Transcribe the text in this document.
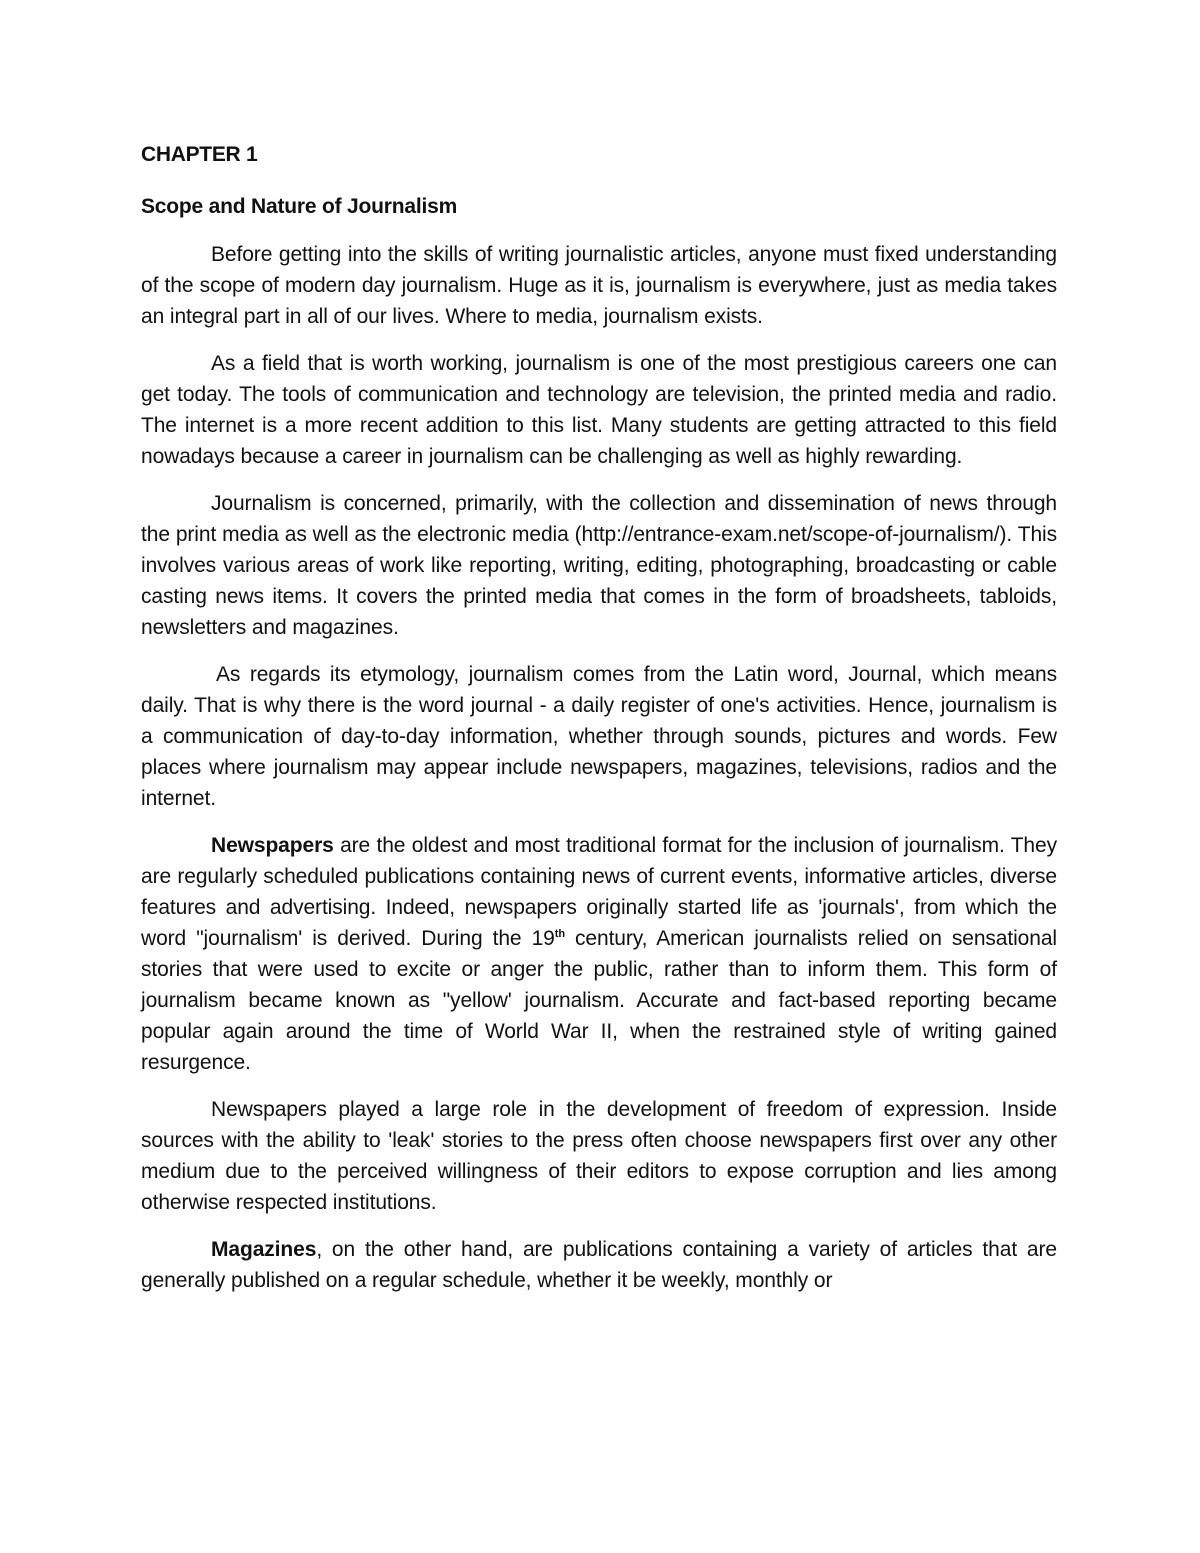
CHAPTER 1
Scope and Nature of Journalism

Before getting into the skills of writing journalistic articles, anyone must fixed understanding of the scope of modern day journalism. Huge as it is, journalism is everywhere, just as media takes an integral part in all of our lives. Where to media, journalism exists.

As a field that is worth working, journalism is one of the most prestigious careers one can get today. The tools of communication and technology are television, the printed media and radio. The internet is a more recent addition to this list. Many students are getting attracted to this field nowadays because a career in journalism can be challenging as well as highly rewarding.

Journalism is concerned, primarily, with the collection and dissemination of news through the print media as well as the electronic media (http://entrance-exam.net/scope-of-journalism/). This involves various areas of work like reporting, writing, editing, photographing, broadcasting or cable casting news items. It covers the printed media that comes in the form of broadsheets, tabloids, newsletters and magazines.

As regards its etymology, journalism comes from the Latin word, Journal, which means daily. That is why there is the word journal - a daily register of one's activities. Hence, journalism is a communication of day-to-day information, whether through sounds, pictures and words. Few places where journalism may appear include newspapers, magazines, televisions, radios and the internet.

Newspapers are the oldest and most traditional format for the inclusion of journalism. They are regularly scheduled publications containing news of current events, informative articles, diverse features and advertising. Indeed, newspapers originally started life as 'journals', from which the word "journalism' is derived. During the 19th century, American journalists relied on sensational stories that were used to excite or anger the public, rather than to inform them. This form of journalism became known as "yellow' journalism. Accurate and fact-based reporting became popular again around the time of World War II, when the restrained style of writing gained resurgence.

Newspapers played a large role in the development of freedom of expression. Inside sources with the ability to 'leak' stories to the press often choose newspapers first over any other medium due to the perceived willingness of their editors to expose corruption and lies among otherwise respected institutions.

Magazines, on the other hand, are publications containing a variety of articles that are generally published on a regular schedule, whether it be weekly, monthly or
